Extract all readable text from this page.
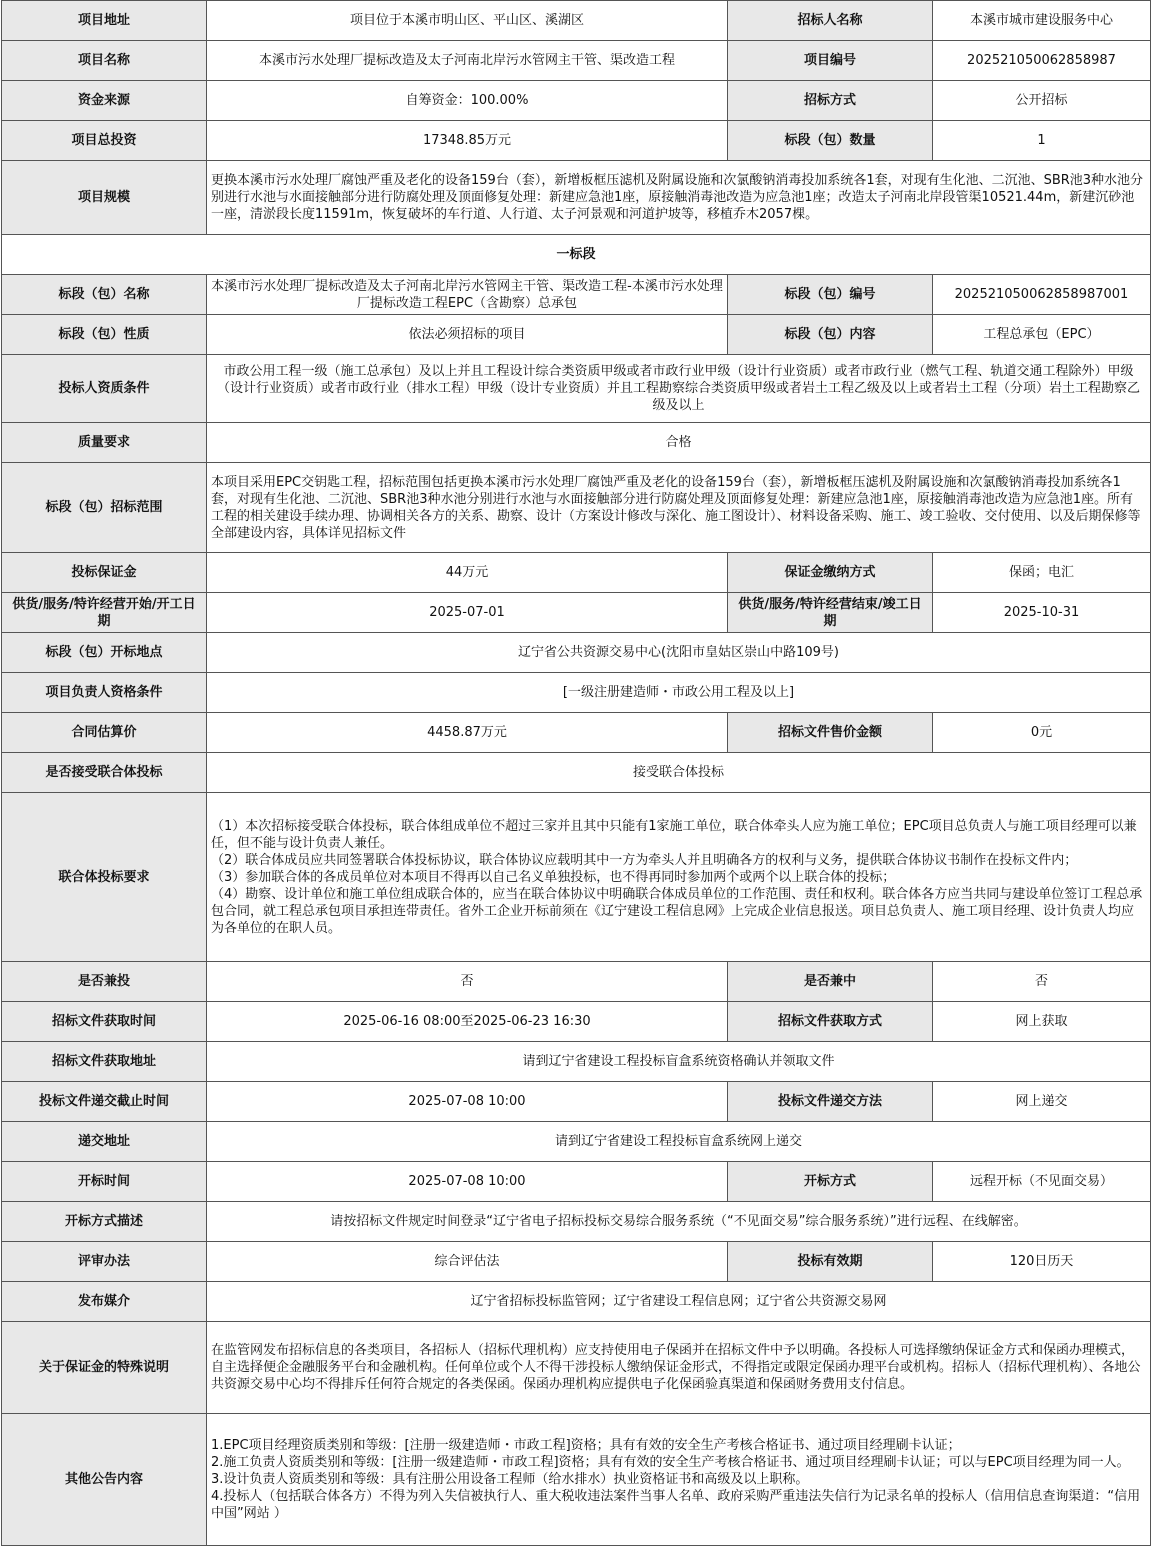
项目地址	项目位于本溪市明山区、平山区、溪湖区	招标人名称	本溪市城市建设服务中心
项目名称	本溪市污水处理厂提标改造及太子河南北岸污水管网主干管、渠改造工程	项目编号	202521050062858987
资金来源	自筹资金：100.00%	招标方式	公开招标
项目总投资	17348.85万元	标段（包）数量	1
项目规模	更换本溪市污水处理厂腐蚀严重及老化的设备159台（套），新增板框压滤机及附属设施和次氯酸钠消毒投加系统各1套，对现有生化池、二沉池、SBR池3种水池分别进行水池与水面接触部分进行防腐处理及顶面修复处理：新建应急池1座，原接触消毒池改造为应急池1座；改造太子河南北岸段管渠10521.44m，新建沉砂池一座，清淤段长度11591m，恢复破坏的车行道、人行道、太子河景观和河道护坡等，移植乔木2057棵。		
一标段			
标段（包）名称	本溪市污水处理厂提标改造及太子河南北岸污水管网主干管、渠改造工程-本溪市污水处理厂提标改造工程EPC（含勘察）总承包	标段（包）编号	202521050062858987001
标段（包）性质	依法必须招标的项目	标段（包）内容	工程总承包（EPC）
投标人资质条件	市政公用工程一级（施工总承包）及以上并且工程设计综合类资质甲级或者市政行业甲级（设计行业资质）或者市政行业（燃气工程、轨道交通工程除外）甲级（设计行业资质）或者市政行业（排水工程）甲级（设计专业资质）并且工程勘察综合类资质甲级或者岩土工程乙级及以上或者岩土工程（分项）岩土工程勘察乙级及以上		
质量要求	合格		
标段（包）招标范围	本项目采用EPC交钥匙工程，招标范围包括更换本溪市污水处理厂腐蚀严重及老化的设备159台（套），新增板框压滤机及附属设施和次氯酸钠消毒投加系统各1套，对现有生化池、二沉池、SBR池3种水池分别进行水池与水面接触部分进行防腐处理及顶面修复处理：新建应急池1座，原接触消毒池改造为应急池1座。所有工程的相关建设手续办理、协调相关各方的关系、勘察、设计（方案设计修改与深化、施工图设计）、材料设备采购、施工、竣工验收、交付使用、以及后期保修等全部建设内容，具体详见招标文件		
投标保证金	44万元	保证金缴纳方式	保函；电汇
供货/服务/特许经营开始/开工日期	2025-07-01	供货/服务/特许经营结束/竣工日期	2025-10-31
标段（包）开标地点	辽宁省公共资源交易中心(沈阳市皇姑区崇山中路109号)		
项目负责人资格条件	[一级注册建造师・市政公用工程及以上]		
合同估算价	4458.87万元	招标文件售价金额	0元
是否接受联合体投标	接受联合体投标		
联合体投标要求	（1）本次招标接受联合体投标，联合体组成单位不超过三家并且其中只能有1家施工单位，联合体牵头人应为施工单位；EPC项目总负责人与施工项目经理可以兼任，但不能与设计负责人兼任。
（2）联合体成员应共同签署联合体投标协议，联合体协议应载明其中一方为牵头人并且明确各方的权利与义务，提供联合体协议书制作在投标文件内；
（3）参加联合体的各成员单位对本项目不得再以自己名义单独投标，也不得再同时参加两个或两个以上联合体的投标；
（4）勘察、设计单位和施工单位组成联合体的，应当在联合体协议中明确联合体成员单位的工作范围、责任和权利。联合体各方应当共同与建设单位签订工程总承包合同，就工程总承包项目承担连带责任。省外工企业开标前须在《辽宁建设工程信息网》上完成企业信息报送。项目总负责人、施工项目经理、设计负责人均应为各单位的在职人员。		

是否兼投	否	是否兼中	否
招标文件获取时间	2025-06-16 08:00至2025-06-23 16:30	招标文件获取方式	网上获取
招标文件获取地址	请到辽宁省建设工程投标盲盒系统资格确认并领取文件		
投标文件递交截止时间	2025-07-08 10:00	投标文件递交方法	网上递交
递交地址	请到辽宁省建设工程投标盲盒系统网上递交		
开标时间	2025-07-08 10:00	开标方式	远程开标（不见面交易）
开标方式描述	请按招标文件规定时间登录“辽宁省电子招标投标交易综合服务系统（“不见面交易”综合服务系统）”进行远程、在线解密。		
评审办法	综合评估法	投标有效期	120日历天
发布媒介	辽宁省招标投标监管网；辽宁省建设工程信息网；辽宁省公共资源交易网		
关于保证金的特殊说明	在监管网发布招标信息的各类项目，各招标人（招标代理机构）应支持使用电子保函并在招标文件中予以明确。各投标人可选择缴纳保证金方式和保函办理模式，自主选择便企金融服务平台和金融机构。任何单位或个人不得干涉投标人缴纳保证金形式，不得指定或限定保函办理平台或机构。招标人（招标代理机构）、各地公共资源交易中心均不得排斥任何符合规定的各类保函。保函办理机构应提供电子化保函验真渠道和保函财务费用支付信息。		
其他公告内容	1.EPC项目经理资质类别和等级：[注册一级建造师・市政工程]资格；具有有效的安全生产考核合格证书、通过项目经理刷卡认证；
2.施工负责人资质类别和等级：[注册一级建造师・市政工程]资格；具有有效的安全生产考核合格证书、通过项目经理刷卡认证；可以与EPC项目经理为同一人。
3.设计负责人资质类别和等级：具有注册公用设备工程师（给水排水）执业资格证书和高级及以上职称。
4.投标人（包括联合体各方）不得为列入失信被执行人、重大税收违法案件当事人名单、政府采购严重违法失信行为记录名单的投标人（信用信息查询渠道：“信用中国”网站 ）		
